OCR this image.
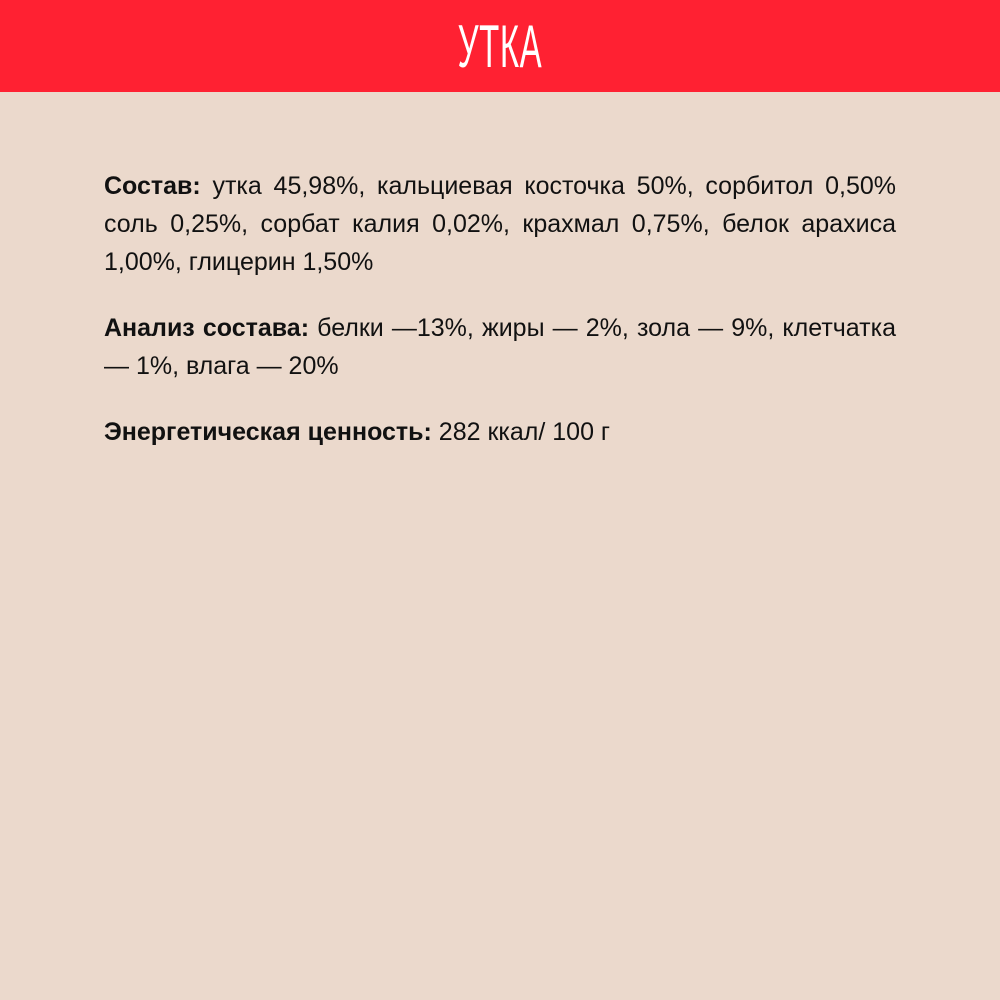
УТКА

Состав: утка 45,98%, кальциевая косточка 50%, сорбитол 0,50% соль 0,25%, сорбат калия 0,02%, крахмал 0,75%, белок арахиса 1,00%, глицерин 1,50%

Анализ состава: белки —13%, жиры — 2%, зола — 9%, клетчатка — 1%, влага — 20%

Энергетическая ценность: 282 ккал/ 100 г
